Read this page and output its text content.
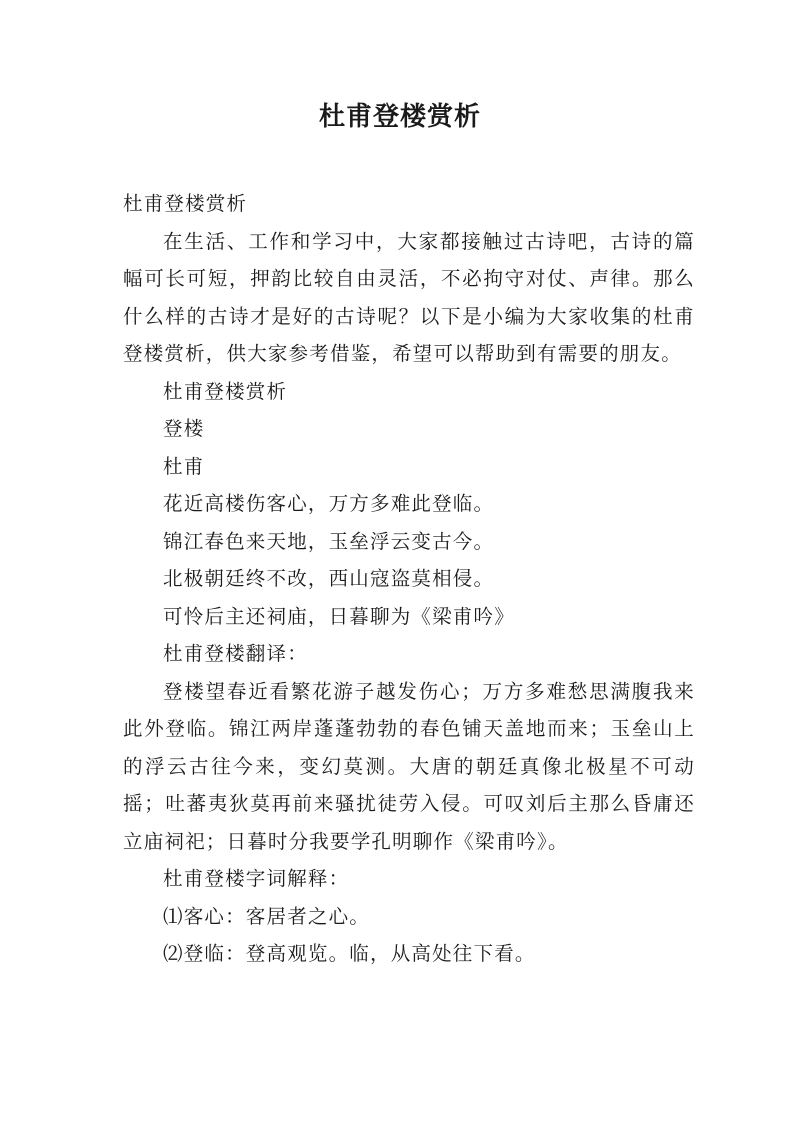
杜甫登楼赏析

杜甫登楼赏析

在生活、工作和学习中，大家都接触过古诗吧，古诗的篇幅可长可短，押韵比较自由灵活，不必拘守对仗、声律。那么什么样的古诗才是好的古诗呢？以下是小编为大家收集的杜甫登楼赏析，供大家参考借鉴，希望可以帮助到有需要的朋友。

杜甫登楼赏析

登楼

杜甫

花近高楼伤客心，万方多难此登临。

锦江春色来天地，玉垒浮云变古今。

北极朝廷终不改，西山寇盗莫相侵。

可怜后主还祠庙，日暮聊为《梁甫吟》

杜甫登楼翻译：

登楼望春近看繁花游子越发伤心；万方多难愁思满腹我来此外登临。锦江两岸蓬蓬勃勃的春色铺天盖地而来；玉垒山上的浮云古往今来，变幻莫测。大唐的朝廷真像北极星不可动摇；吐蕃夷狄莫再前来骚扰徒劳入侵。可叹刘后主那么昏庸还立庙祠祀；日暮时分我要学孔明聊作《梁甫吟》。

杜甫登楼字词解释：

⑴客心：客居者之心。

⑵登临：登高观览。临，从高处往下看。
